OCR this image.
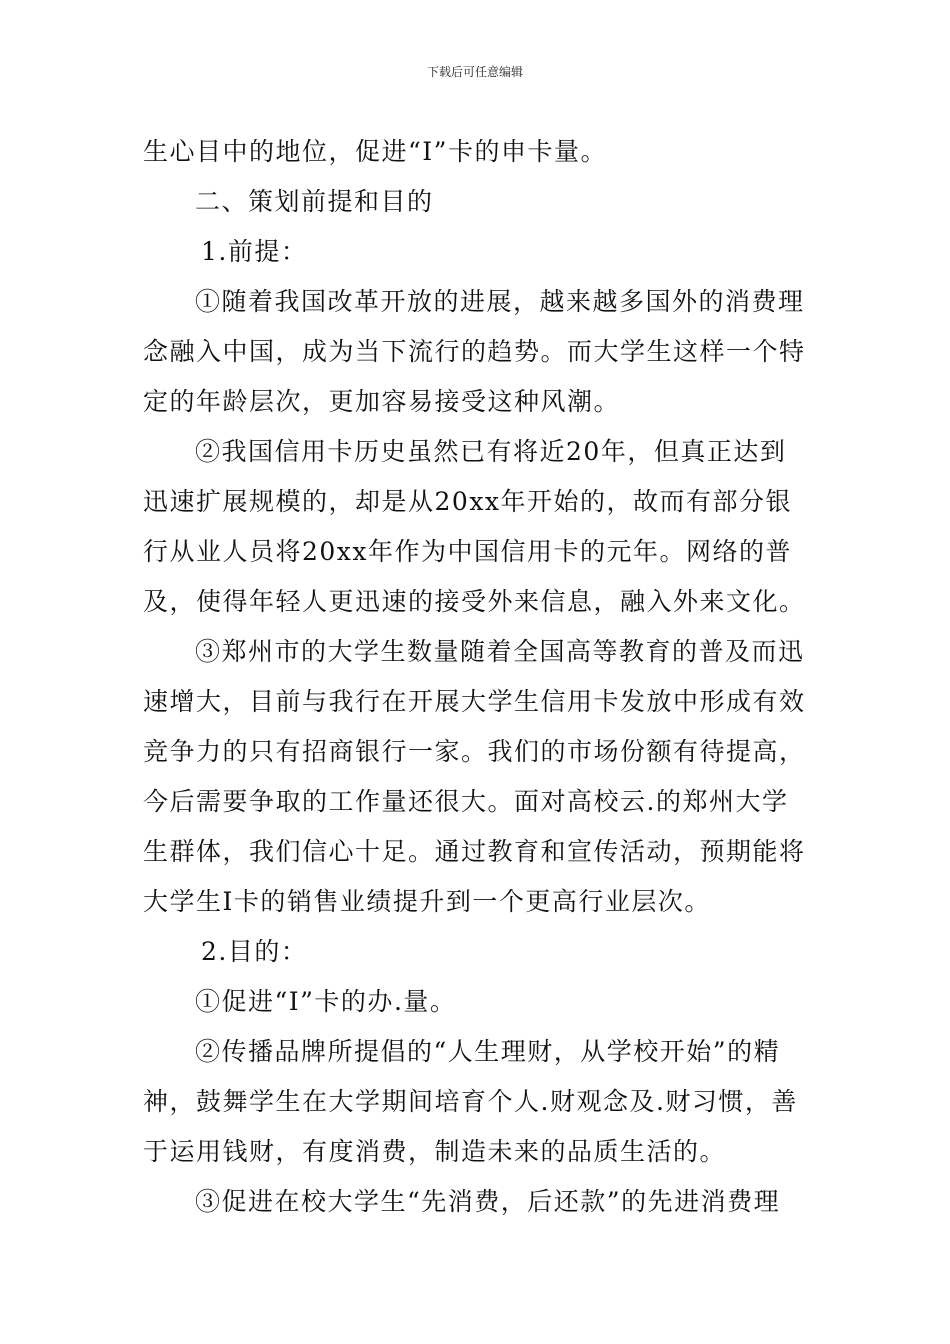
下载后可任意编辑

生心目中的地位，促进“I”卡的申卡量。

二、策划前提和目的

1.前提：

①随着我国改革开放的进展，越来越多国外的消费理念融入中国，成为当下流行的趋势。而大学生这样一个特定的年龄层次，更加容易接受这种风潮。

②我国信用卡历史虽然已有将近20年，但真正达到迅速扩展规模的，却是从20xx年开始的，故而有部分银行从业人员将20xx年作为中国信用卡的元年。网络的普及，使得年轻人更迅速的接受外来信息，融入外来文化。

③郑州市的大学生数量随着全国高等教育的普及而迅速增大，目前与我行在开展大学生信用卡发放中形成有效竞争力的只有招商银行一家。我们的市场份额有待提高，今后需要争取的工作量还很大。面对高校云.的郑州大学生群体，我们信心十足。通过教育和宣传活动，预期能将大学生I卡的销售业绩提升到一个更高行业层次。

2.目的：

①促进“I”卡的办.量。

②传播品牌所提倡的“人生理财，从学校开始”的精神，鼓舞学生在大学期间培育个人.财观念及.财习惯，善于运用钱财，有度消费，制造未来的品质生活的。

③促进在校大学生“先消费，后还款”的先进消费理
